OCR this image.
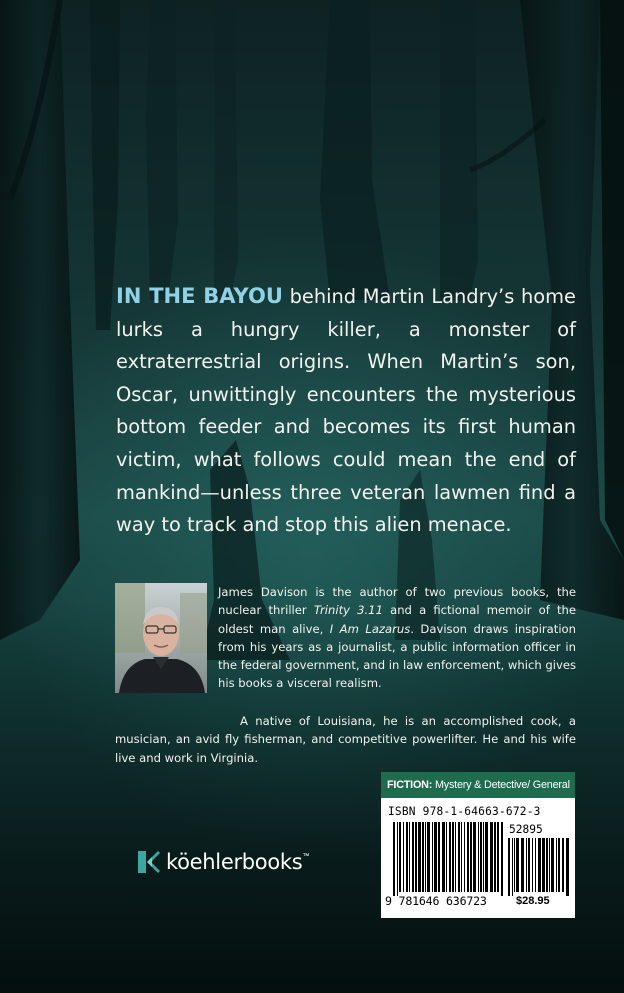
IN THE BAYOU behind Martin Landry’s home lurks a hungry killer, a monster of extraterrestrial origins. When Martin’s son, Oscar, unwittingly encounters the mysterious bottom feeder and becomes its first human victim, what follows could mean the end of mankind—unless three veteran lawmen find a way to track and stop this alien menace.

James Davison is the author of two previous books, the nuclear thriller Trinity 3.11 and a fictional memoir of the oldest man alive, I Am Lazarus. Davison draws inspiration from his years as a journalist, a public information officer in the federal government, and in law enforcement, which gives his books a visceral realism.

A native of Louisiana, he is an accomplished cook, a musician, an avid fly fisherman, and competitive powerlifter. He and his wife live and work in Virginia.

köehlerbooks ™
FICTION: Mystery & Detective/ General
ISBN 978-1-64663-672-3
52895
9 781646 636723	$28.95
